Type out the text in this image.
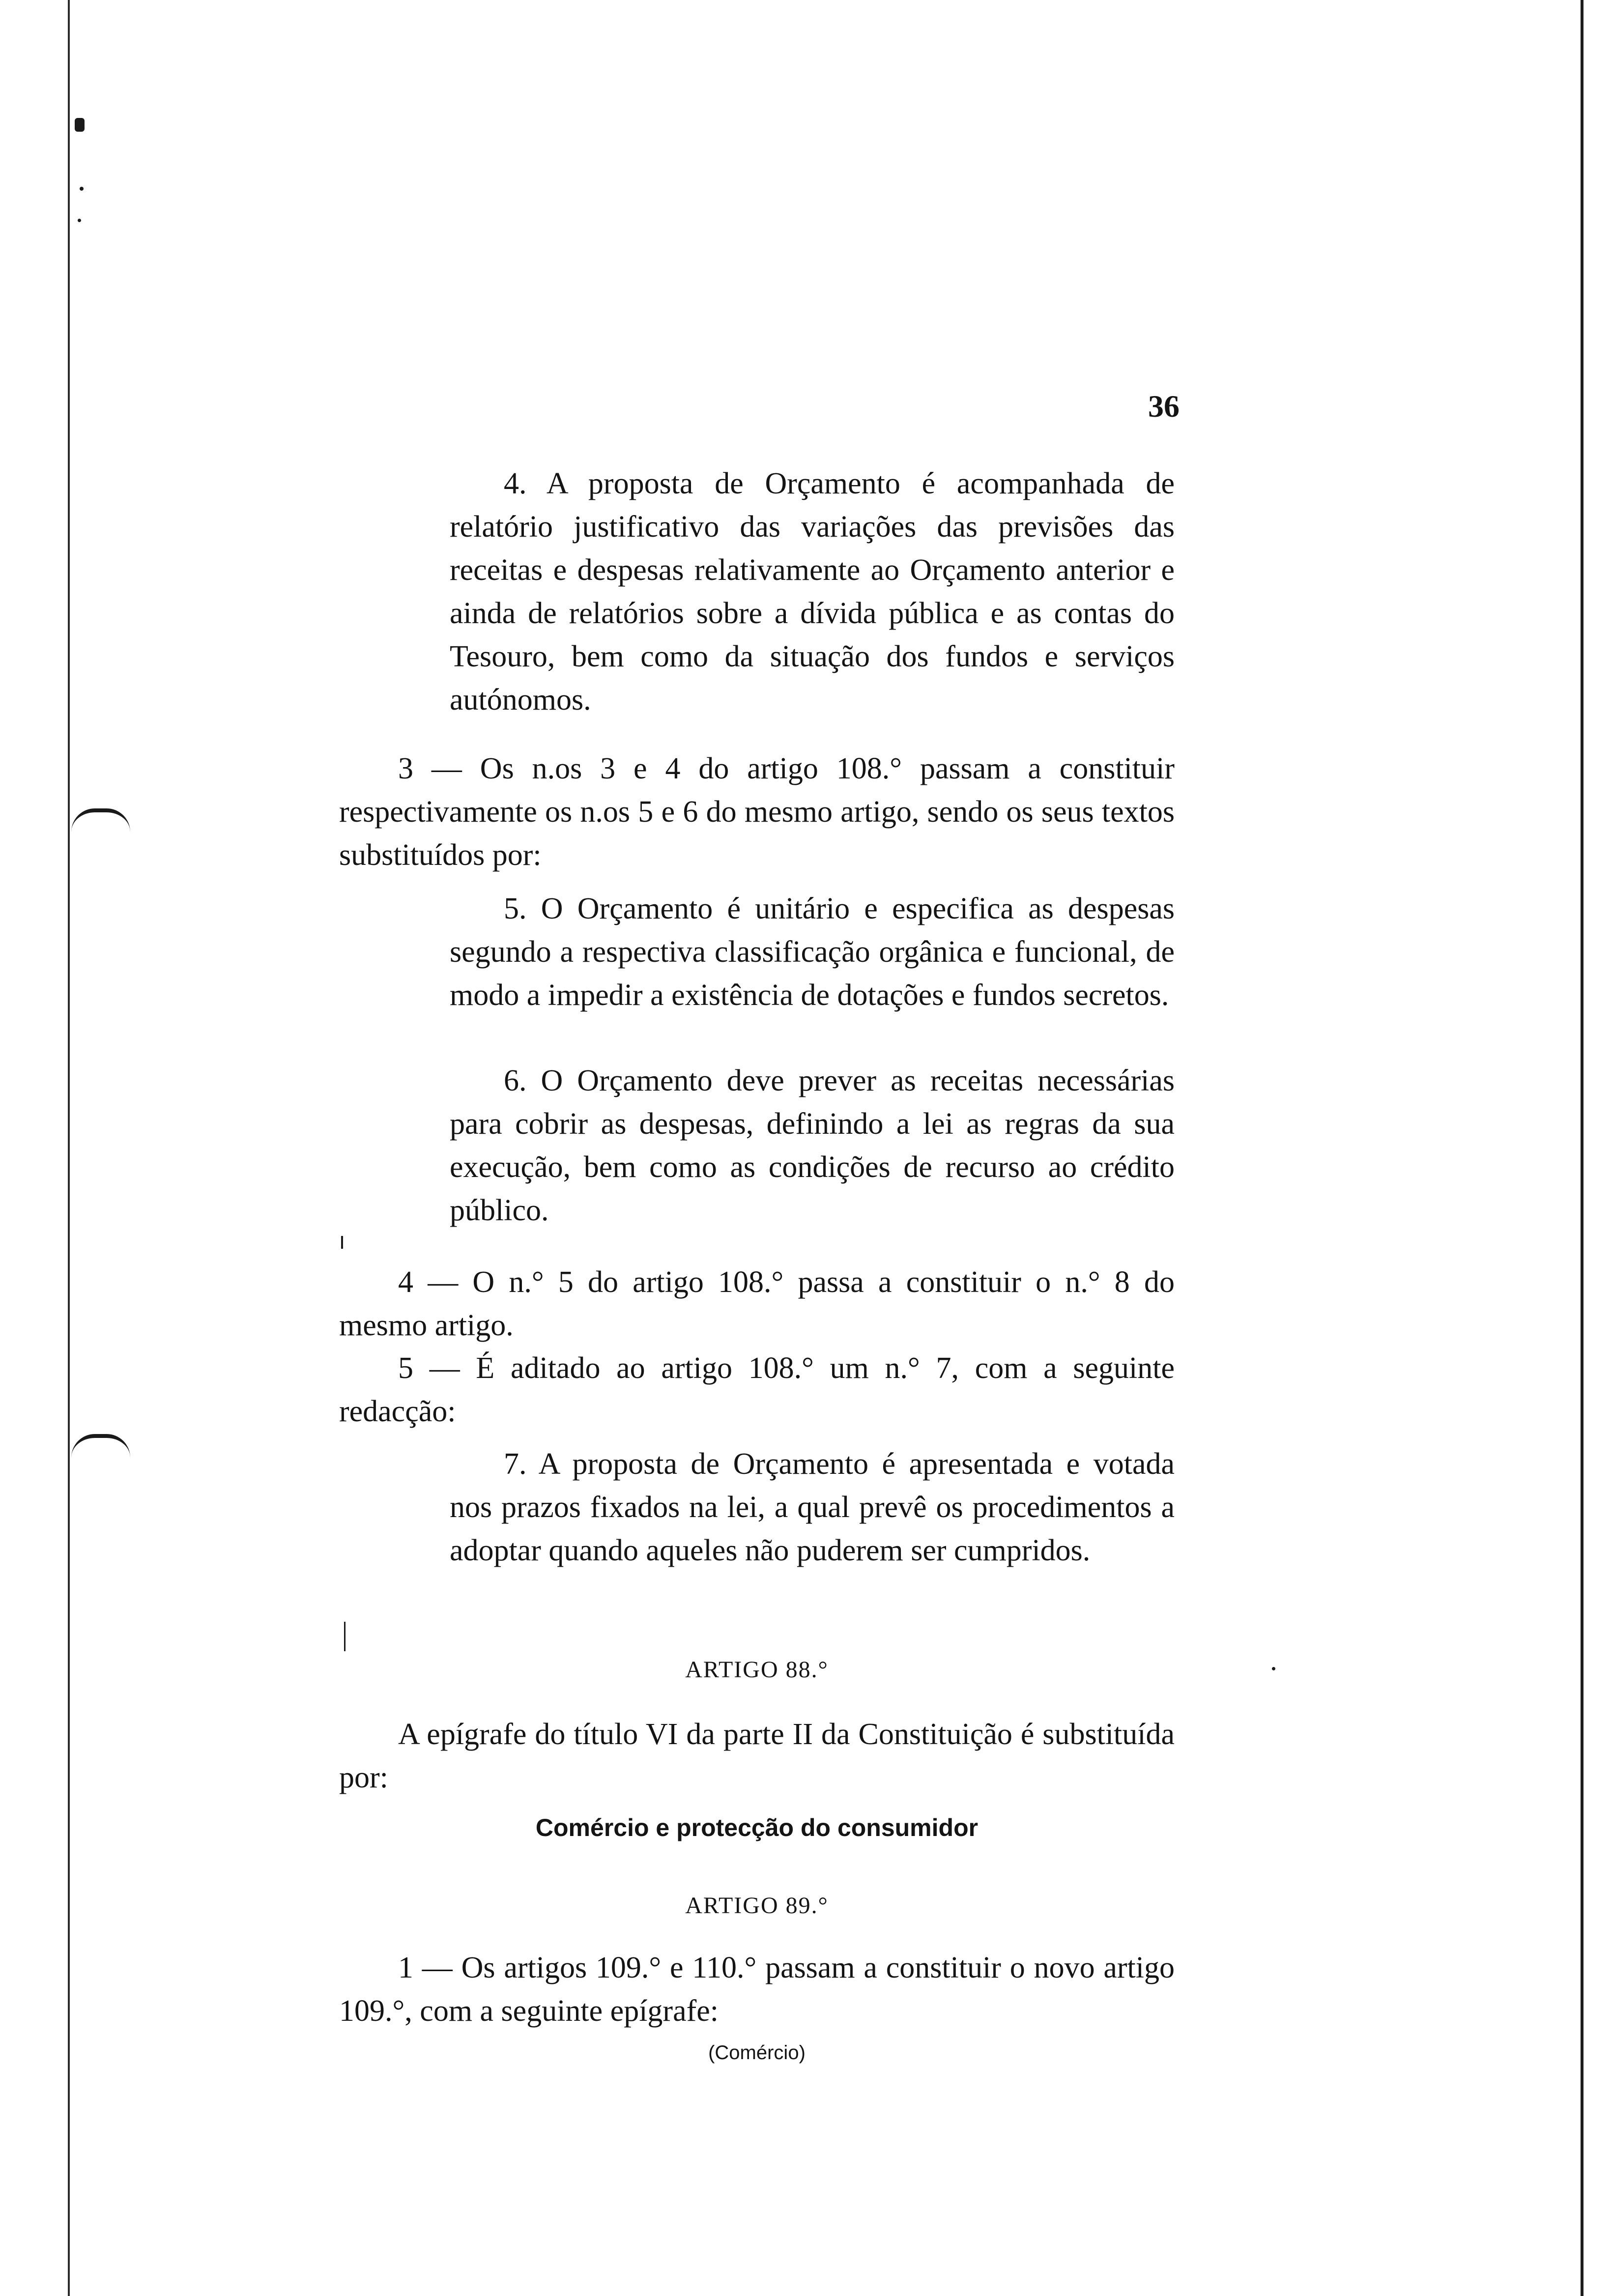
36
4. A proposta de Orçamento é acompanhada de relatório justificativo das variações das previsões das receitas e despesas relativamente ao Orçamento anterior e ainda de relatórios sobre a dívida pública e as contas do Tesouro, bem como da situação dos fundos e serviços autónomos.
3 — Os n.os 3 e 4 do artigo 108.° passam a constituir respectivamente os n.os 5 e 6 do mesmo artigo, sendo os seus textos substituídos por:
5. O Orçamento é unitário e especifica as despesas segundo a respectiva classificação orgânica e funcional, de modo a impedir a existência de dotações e fundos secretos.
6. O Orçamento deve prever as receitas necessárias para cobrir as despesas, definindo a lei as regras da sua execução, bem como as condições de recurso ao crédito público.
4 — O n.° 5 do artigo 108.° passa a constituir o n.° 8 do mesmo artigo.
5 — É aditado ao artigo 108.° um n.° 7, com a seguinte redacção:
7. A proposta de Orçamento é apresentada e votada nos prazos fixados na lei, a qual prevê os procedimentos a adoptar quando aqueles não puderem ser cumpridos.
ARTIGO 88.°
A epígrafe do título VI da parte II da Constituição é substituída por:
Comércio e protecção do consumidor
ARTIGO 89.°
1 — Os artigos 109.° e 110.° passam a constituir o novo artigo 109.°, com a seguinte epígrafe:
(Comércio)
